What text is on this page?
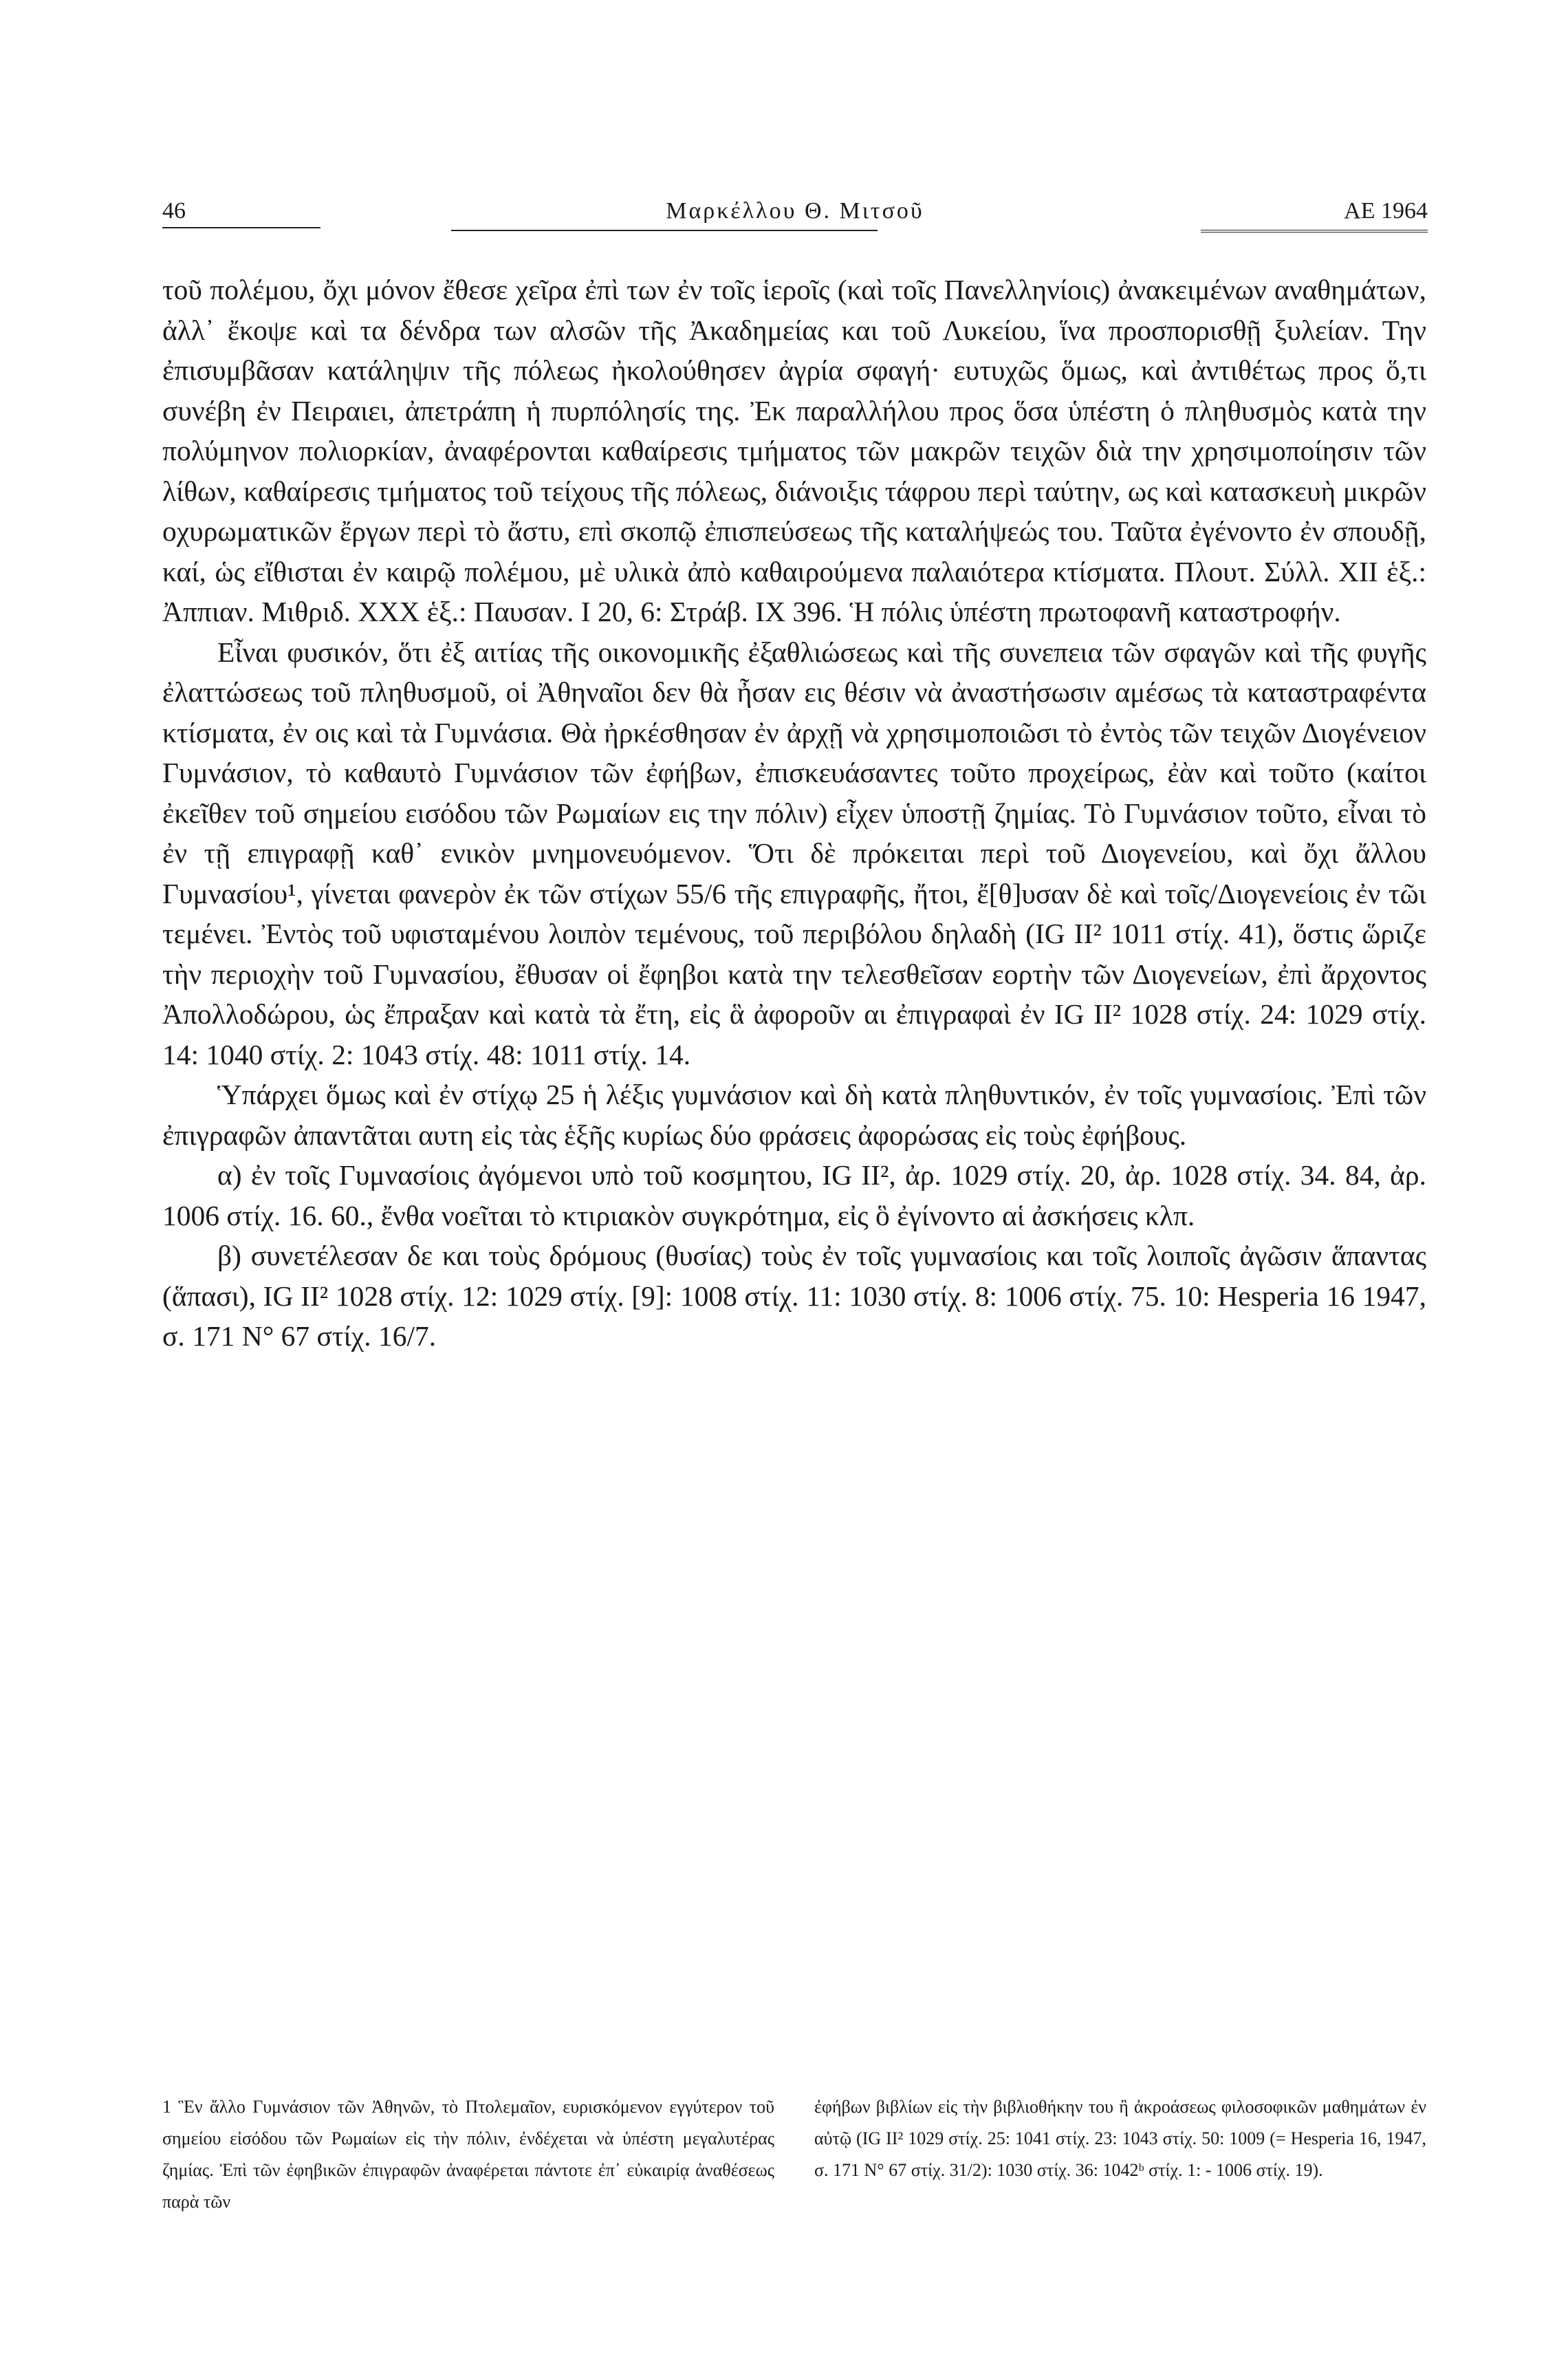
46	Μαρκέλλου Θ. Μιτσοῦ	ΑΕ 1964

τοῦ πολέμου, ὄχι μόνον ἔθεσε χεῖρα ἐπὶ των ἐν τοῖς ἱεροῖς (καὶ τοῖς Πανελληνίοις) ἀνακειμένων αναθημάτων, ἀλλ᾽ ἔκοψε καὶ τα δένδρα των αλσῶν τῆς Ἀκαδημείας και τοῦ Λυκείου, ἵνα προσπορισθῇ ξυλείαν. Την ἐπισυμβᾶσαν κατάληψιν τῆς πόλεως ἠκολούθησεν ἀγρία σφαγή· ευτυχῶς ὅμως, καὶ ἀντιθέτως προς ὅ,τι συνέβη ἐν Πειραιει, ἀπετράπη ἡ πυρπόλησίς της. Ἐκ παραλλήλου προς ὅσα ὑπέστη ὁ πληθυσμὸς κατὰ την πολύμηνον πολιορκίαν, ἀναφέρονται καθαίρεσις τμήματος τῶν μακρῶν τειχῶν διὰ την χρησιμοποίησιν τῶν λίθων, καθαίρεσις τμήματος τοῦ τείχους τῆς πόλεως, διάνοιξις τάφρου περὶ ταύτην, ως καὶ κατασκευὴ μικρῶν οχυρωματικῶν ἔργων περὶ τὸ ἄστυ, επὶ σκοπῷ ἐπισπεύσεως τῆς καταλήψεώς του. Ταῦτα ἐγένοντο ἐν σπουδῇ, καί, ὡς εἴθισται ἐν καιρῷ πολέμου, μὲ υλικὰ ἀπὸ καθαιρούμενα παλαιότερα κτίσματα. Πλουτ. Σύλλ. XII ἑξ.: Ἀππιαν. Μιθριδ. XXX ἑξ.: Παυσαν. I 20, 6: Στράβ. IX 396. Ἡ πόλις ὑπέστη πρωτοφανῆ καταστροφήν.

Εἶναι φυσικόν, ὅτι ἐξ αιτίας τῆς οικονομικῆς ἐξαθλιώσεως καὶ τῆς συνεπεια τῶν σφαγῶν καὶ τῆς φυγῆς ἐλαττώσεως τοῦ πληθυσμοῦ, οἱ Ἀθηναῖοι δεν θὰ ἦσαν εις θέσιν νὰ ἀναστήσωσιν αμέσως τὰ καταστραφέντα κτίσματα, ἐν οις καὶ τὰ Γυμνάσια. Θὰ ἠρκέσθησαν ἐν ἀρχῇ νὰ χρησιμοποιῶσι τὸ ἐντὸς τῶν τειχῶν Διογένειον Γυμνάσιον, τὸ καθαυτὸ Γυμνάσιον τῶν ἐφήβων, ἐπισκευάσαντες τοῦτο προχείρως, ἐὰν καὶ τοῦτο (καίτοι ἐκεῖθεν τοῦ σημείου εισόδου τῶν Ρωμαίων εις την πόλιν) εἶχεν ὑποστῇ ζημίας. Τὸ Γυμνάσιον τοῦτο, εἶναι τὸ ἐν τῇ επιγραφῇ καθ᾽ ενικὸν μνημονευόμενον. Ὅτι δὲ πρόκειται περὶ τοῦ Διογενείου, καὶ ὄχι ἄλλου Γυμνασίου¹, γίνεται φανερὸν ἐκ τῶν στίχων 55/6 τῆς επιγραφῆς, ἤτοι, ἔ[θ]υσαν δὲ καὶ τοῖς/Διογενείοις ἐν τῶι τεμένει. Ἐντὸς τοῦ υφισταμένου λοιπὸν τεμένους, τοῦ περιβόλου δηλαδὴ (IG II² 1011 στίχ. 41), ὅστις ὥριζε τὴν περιοχὴν τοῦ Γυμνασίου, ἔθυσαν οἱ ἔφηβοι κατὰ την τελεσθεῖσαν εορτὴν τῶν Διογενείων, ἐπὶ ἄρχοντος Ἀπολλοδώρου, ὡς ἔπραξαν καὶ κατὰ τὰ ἔτη, εἰς ἃ ἀφοροῦν αι ἐπιγραφαὶ ἐν IG II² 1028 στίχ. 24: 1029 στίχ. 14: 1040 στίχ. 2: 1043 στίχ. 48: 1011 στίχ. 14.

Ὑπάρχει ὅμως καὶ ἐν στίχῳ 25 ἡ λέξις γυμνάσιον καὶ δὴ κατὰ πληθυντικόν, ἐν τοῖς γυμνασίοις. Ἐπὶ τῶν ἐπιγραφῶν ἀπαντᾶται αυτη εἰς τὰς ἑξῆς κυρίως δύο φράσεις ἀφορώσας εἰς τοὺς ἐφήβους.

α) ἐν τοῖς Γυμνασίοις ἀγόμενοι υπὸ τοῦ κοσμητου, IG II², ἀρ. 1029 στίχ. 20, ἀρ. 1028 στίχ. 34. 84, ἀρ. 1006 στίχ. 16. 60., ἔνθα νοεῖται τὸ κτιριακὸν συγκρότημα, εἰς ὃ ἐγίνοντο αἱ ἀσκήσεις κλπ.

β) συνετέλεσαν δε και τοὺς δρόμους (θυσίας) τοὺς ἐν τοῖς γυμνασίοις και τοῖς λοιποῖς ἀγῶσιν ἅπαντας (ἅπασι), IG II² 1028 στίχ. 12: 1029 στίχ. [9]: 1008 στίχ. 11: 1030 στίχ. 8: 1006 στίχ. 75. 10: Hesperia 16 1947, σ. 171 N° 67 στίχ. 16/7.

1 Ἓν ἄλλο Γυμνάσιον τῶν Ἀθηνῶν, τὸ Πτολεμαῖον, ευρισκόμενον εγγύτερον τοῦ σημείου εἰσόδου τῶν Ρωμαίων εἰς τὴν πόλιν, ἐνδέχεται νὰ ὑπέστη μεγαλυτέρας ζημίας. Ἐπὶ τῶν ἐφηβικῶν ἐπιγραφῶν ἀναφέρεται πάντοτε ἐπ᾽ εὐκαιρίᾳ ἀναθέσεως παρὰ τῶν
ἐφήβων βιβλίων εἰς τὴν βιβλιοθήκην του ἢ ἀκροάσεως φιλοσοφικῶν μαθημάτων ἐν αὐτῷ (IG II² 1029 στίχ. 25: 1041 στίχ. 23: 1043 στίχ. 50: 1009 (= Hesperia 16, 1947, σ. 171 N° 67 στίχ. 31/2): 1030 στίχ. 36: 1042ᵇ στίχ. 1: - 1006 στίχ. 19).
